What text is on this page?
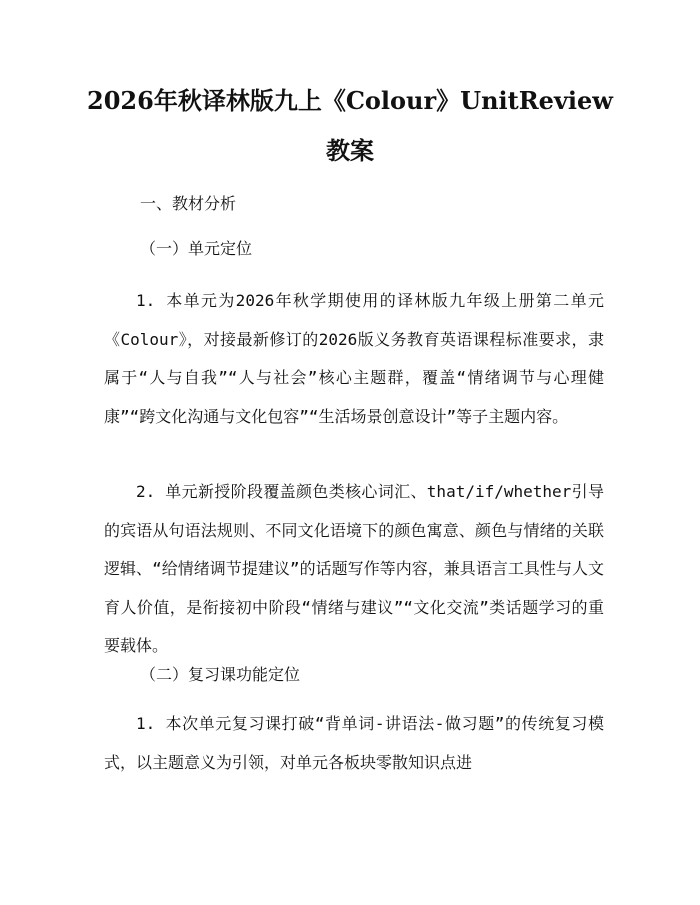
2026年秋译林版九上《Colour》UnitReview
教案
一、教材分析
（一）单元定位

1. 本单元为2026年秋学期使用的译林版九年级上册第二单元《Colour》，对接最新修订的2026版义务教育英语课程标准要求，隶属于“人与自我”“人与社会”核心主题群，覆盖“情绪调节与心理健康”“跨文化沟通与文化包容”“生活场景创意设计”等子主题内容。

2. 单元新授阶段覆盖颜色类核心词汇、that/if/whether引导的宾语从句语法规则、不同文化语境下的颜色寓意、颜色与情绪的关联逻辑、“给情绪调节提建议”的话题写作等内容，兼具语言工具性与人文育人价值，是衔接初中阶段“情绪与建议”“文化交流”类话题学习的重要载体。

（二）复习课功能定位

1. 本次单元复习课打破“背单词-讲语法-做习题”的传统复习模式，以主题意义为引领，对单元各板块零散知识点进
